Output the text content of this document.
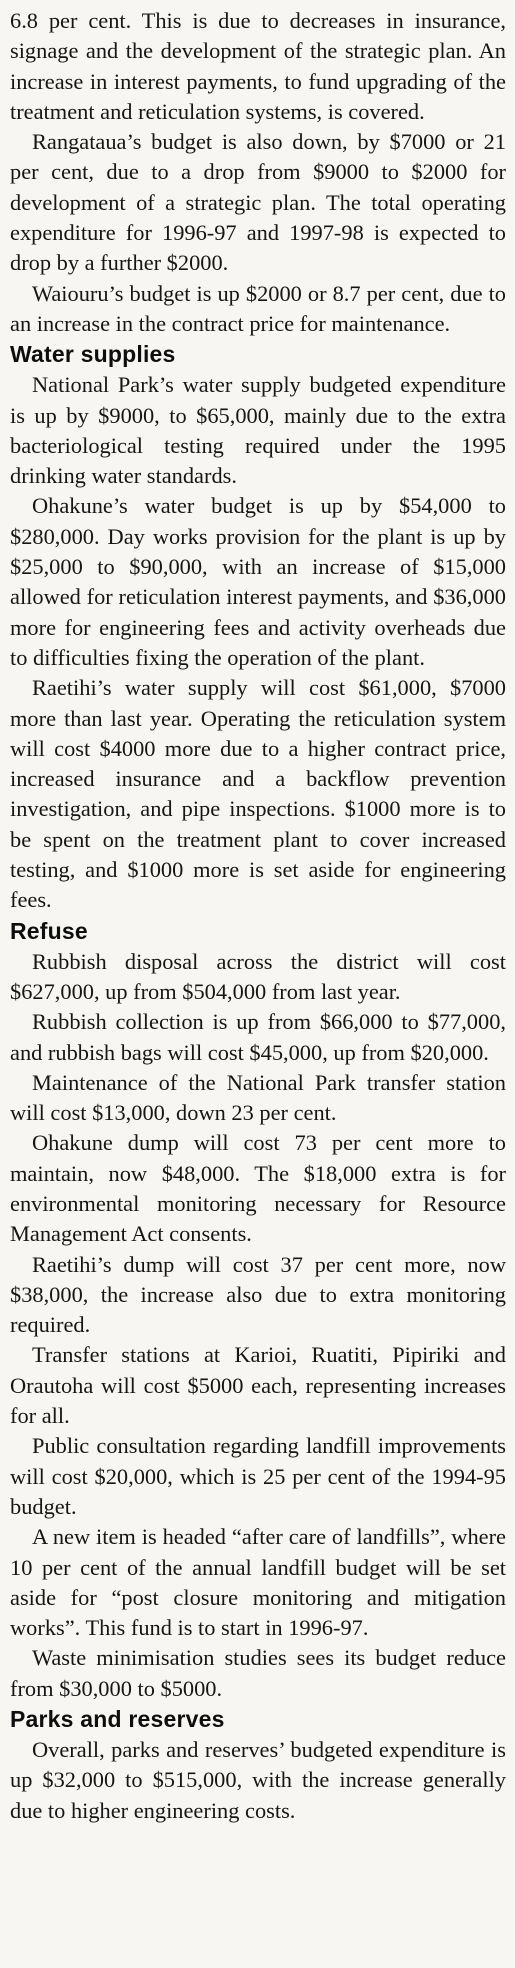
6.8 per cent. This is due to decreases in insurance, signage and the development of the strategic plan. An increase in interest payments, to fund upgrading of the treatment and reticulation systems, is covered.

Rangataua’s budget is also down, by $7000 or 21 per cent, due to a drop from $9000 to $2000 for development of a strategic plan. The total operating expenditure for 1996-97 and 1997-98 is expected to drop by a further $2000.

Waiouru’s budget is up $2000 or 8.7 per cent, due to an increase in the contract price for maintenance.

Water supplies

National Park’s water supply budgeted expenditure is up by $9000, to $65,000, mainly due to the extra bacteriological testing required under the 1995 drinking water standards.

Ohakune’s water budget is up by $54,000 to $280,000. Day works provision for the plant is up by $25,000 to $90,000, with an increase of $15,000 allowed for reticulation interest payments, and $36,000 more for engineering fees and activity overheads due to difficulties fixing the operation of the plant.

Raetihi’s water supply will cost $61,000, $7000 more than last year. Operating the reticulation system will cost $4000 more due to a higher contract price, increased insurance and a backflow prevention investigation, and pipe inspections. $1000 more is to be spent on the treatment plant to cover increased testing, and $1000 more is set aside for engineering fees.

Refuse

Rubbish disposal across the district will cost $627,000, up from $504,000 from last year.

Rubbish collection is up from $66,000 to $77,000, and rubbish bags will cost $45,000, up from $20,000.

Maintenance of the National Park transfer station will cost $13,000, down 23 per cent.

Ohakune dump will cost 73 per cent more to maintain, now $48,000. The $18,000 extra is for environmental monitoring necessary for Resource Management Act consents.

Raetihi’s dump will cost 37 per cent more, now $38,000, the increase also due to extra monitoring required.

Transfer stations at Karioi, Ruatiti, Pipiriki and Orautoha will cost $5000 each, representing increases for all.

Public consultation regarding landfill improvements will cost $20,000, which is 25 per cent of the 1994-95 budget.

A new item is headed “after care of landfills”, where 10 per cent of the annual landfill budget will be set aside for “post closure monitoring and mitigation works”. This fund is to start in 1996-97.

Waste minimisation studies sees its budget reduce from $30,000 to $5000.

Parks and reserves

Overall, parks and reserves’ budgeted expenditure is up $32,000 to $515,000, with the increase generally due to higher engineering costs.
